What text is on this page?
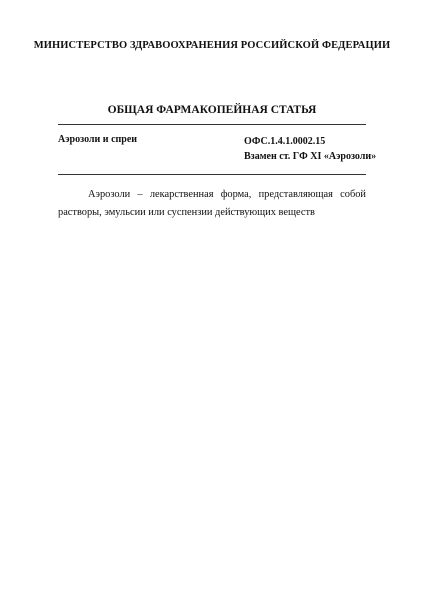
МИНИСТЕРСТВО ЗДРАВООХРАНЕНИЯ РОССИЙСКОЙ ФЕДЕРАЦИИ
ОБЩАЯ ФАРМАКОПЕЙНАЯ СТАТЬЯ
Аэрозоли и спреи	ОФС.1.4.1.0002.15
Взамен ст. ГФ XI «Аэрозоли»

Аэрозоли – лекарственная форма, представляющая собой растворы, эмульсии или суспензии действующих веществ
